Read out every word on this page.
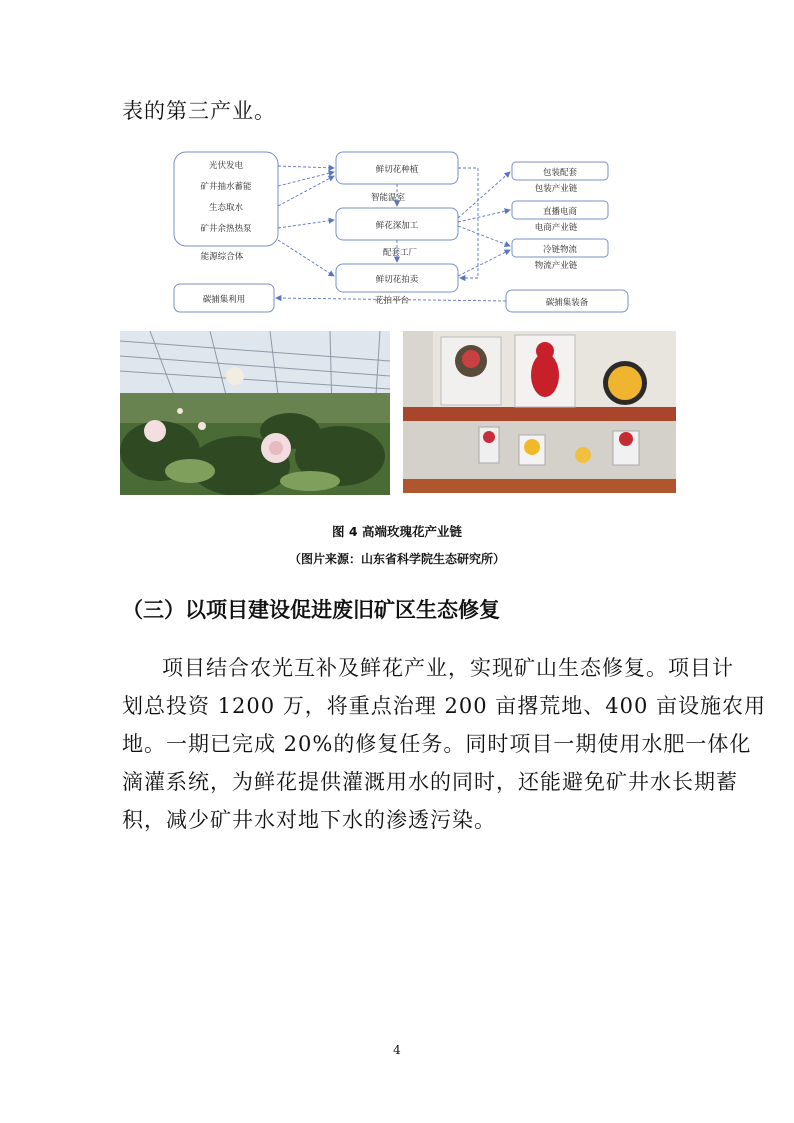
表的第三产业。
光伏发电
矿井抽水蓄能
生态取水
矿井余热热泵
能源综合体
鲜切花种植
智能温室
鲜花深加工
配套工厂
鲜切花拍卖
花拍平台
包装配套
包装产业链
直播电商
电商产业链
冷链物流
物流产业链
碳捕集利用	碳捕集装备
图 4 高端玫瑰花产业链
（图片来源：山东省科学院生态研究所）
（三）以项目建设促进废旧矿区生态修复
项目结合农光互补及鲜花产业，实现矿山生态修复。项目计
划总投资 1200 万，将重点治理 200 亩撂荒地、400 亩设施农用
地。一期已完成 20%的修复任务。同时项目一期使用水肥一体化
滴灌系统，为鲜花提供灌溉用水的同时，还能避免矿井水长期蓄
积，减少矿井水对地下水的渗透污染。
4
